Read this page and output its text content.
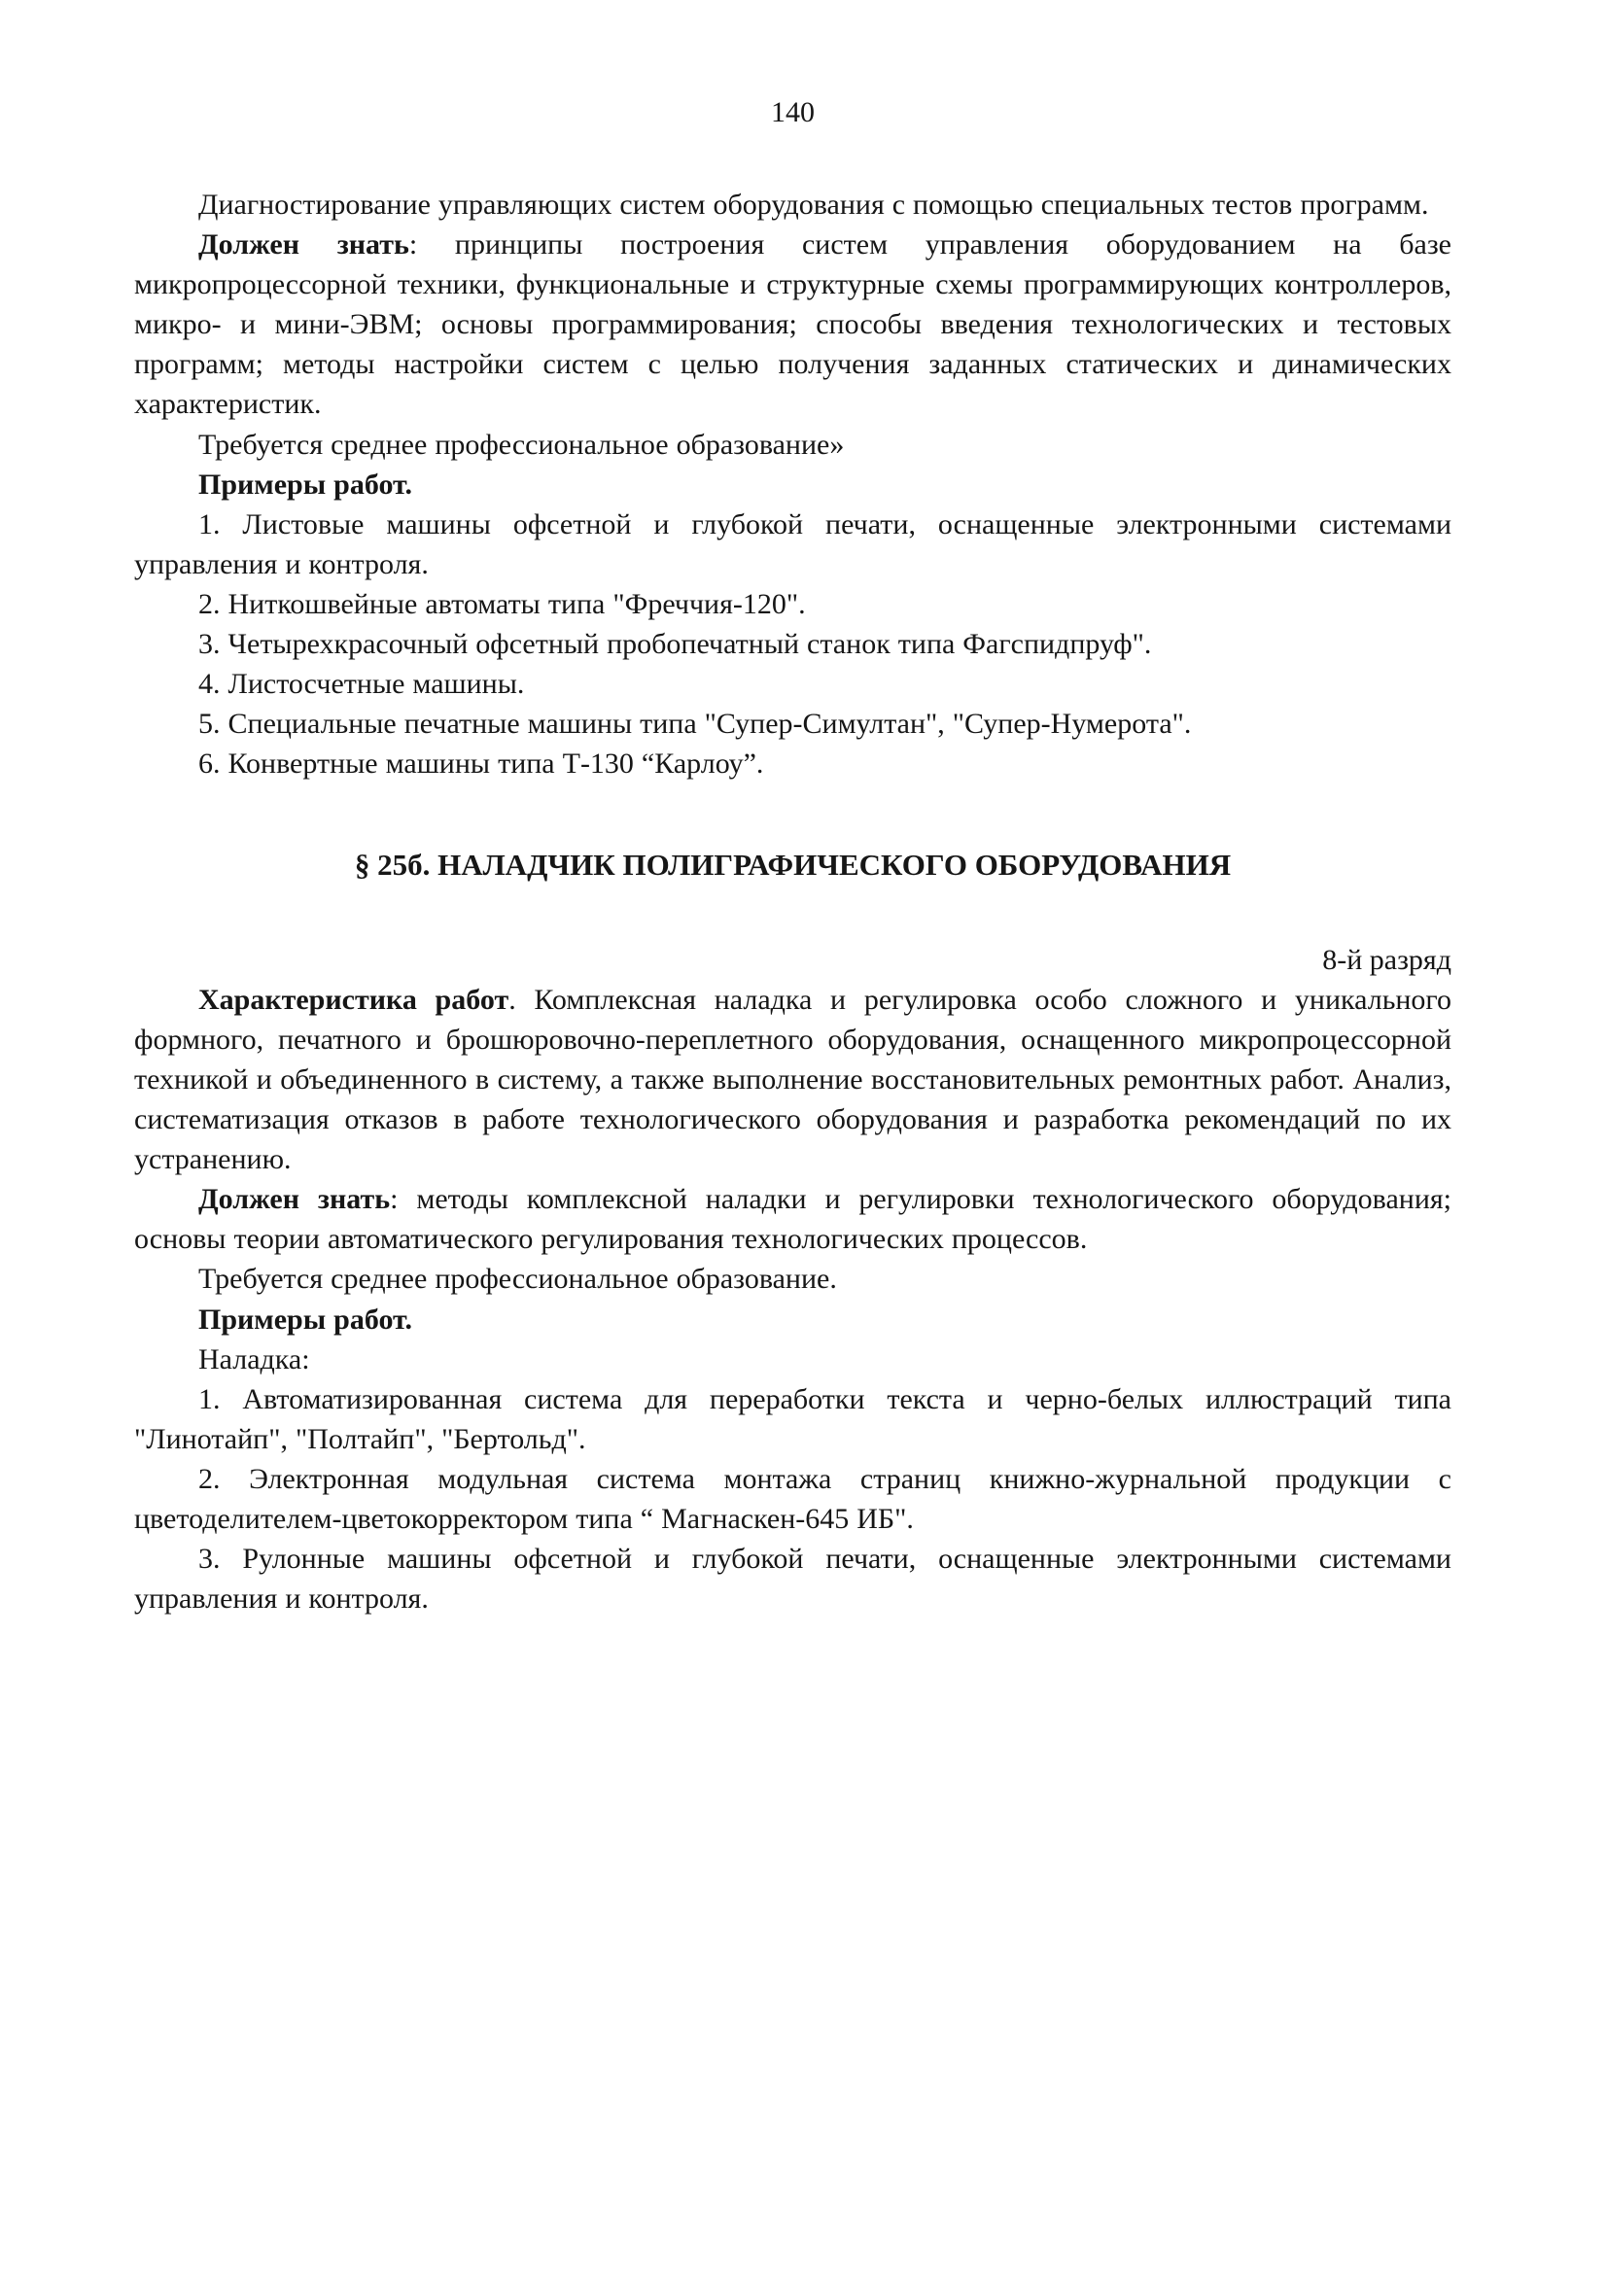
140

Диагностирование управляющих систем оборудования с помощью специальных тестов программ.

Должен знать: принципы построения систем управления оборудованием на базе микропроцессорной техники, функциональные и структурные схемы программирующих контроллеров, микро- и мини-ЭВМ; основы программирования; способы введения технологических и тестовых программ; методы настройки систем с целью получения заданных статических и динамических характеристик.

Требуется среднее профессиональное образование»

Примеры работ.

1. Листовые машины офсетной и глубокой печати, оснащенные электронными системами управления и контроля.

2. Ниткошвейные автоматы типа "Фреччия-120".

3. Четырехкрасочный офсетный пробопечатный станок типа Фагспидпруф".

4. Листосчетные машины.

5. Специальные печатные машины типа "Супер-Симултан", "Супер-Нумерота".

6. Конвертные машины типа Т-130 “Карлоу”.

§ 25б. НАЛАДЧИК ПОЛИГРАФИЧЕСКОГО ОБОРУДОВАНИЯ

8-й разряд

Характеристика работ. Комплексная наладка и регулировка особо сложного и уникального формного, печатного и брошюровочно-переплетного оборудования, оснащенного микропроцессорной техникой и объединенного в систему, а также выполнение восстановительных ремонтных работ. Анализ, систематизация отказов в работе технологического оборудования и разработка рекомендаций по их устранению.

Должен знать: методы комплексной наладки и регулировки технологического оборудования; основы теории автоматического регулирования технологических процессов.

Требуется среднее профессиональное образование.

Примеры работ.

Наладка:

1. Автоматизированная система для переработки текста и черно-белых иллюстраций типа "Линотайп", "Полтайп", "Бертольд".

2. Электронная модульная система монтажа страниц книжно-журнальной продукции с цветоделителем-цветокорректором типа “ Магнаскен-645 ИБ".

3. Рулонные машины офсетной и глубокой печати, оснащенные электронными системами управления и контроля.
